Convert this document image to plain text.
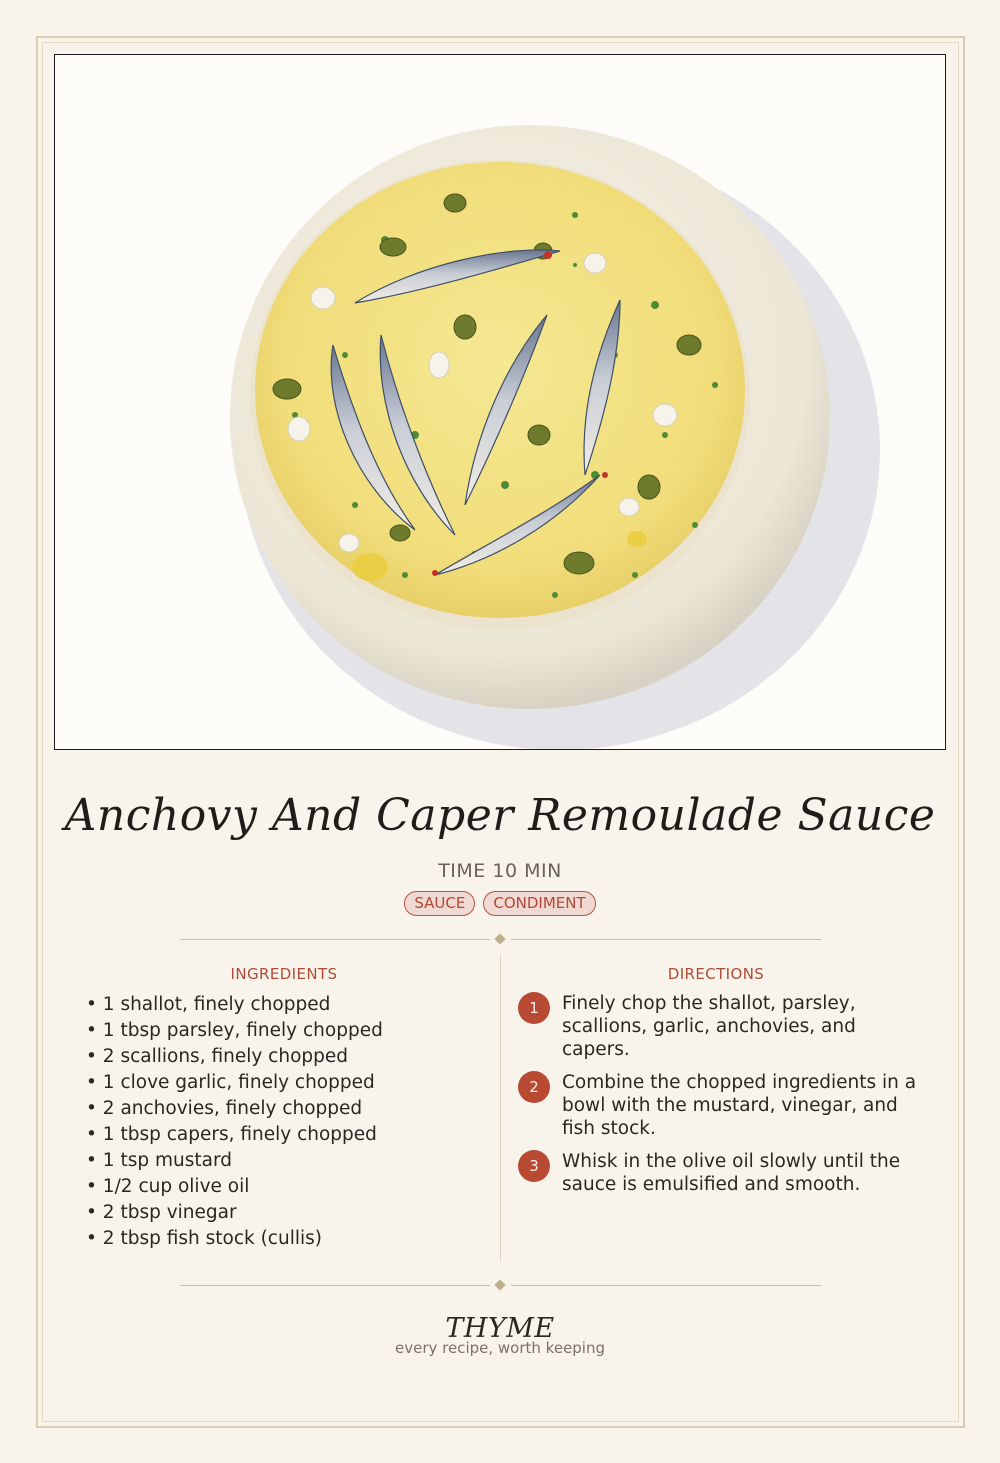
Anchovy And Caper Remoulade Sauce
TIME 10 MIN
SAUCE	CONDIMENT
INGREDIENTS	DIRECTIONS
• 1 shallot, finely chopped
• 1 tbsp parsley, finely chopped
• 2 scallions, finely chopped
• 1 clove garlic, finely chopped
• 2 anchovies, finely chopped
• 1 tbsp capers, finely chopped
• 1 tsp mustard
• 1/2 cup olive oil
• 2 tbsp vinegar
• 2 tbsp fish stock (cullis)
1	Finely chop the shallot, parsley, scallions, garlic, anchovies, and capers.
2	Combine the chopped ingredients in a bowl with the mustard, vinegar, and fish stock.
3	Whisk in the olive oil slowly until the sauce is emulsified and smooth.
THYME
every recipe, worth keeping
